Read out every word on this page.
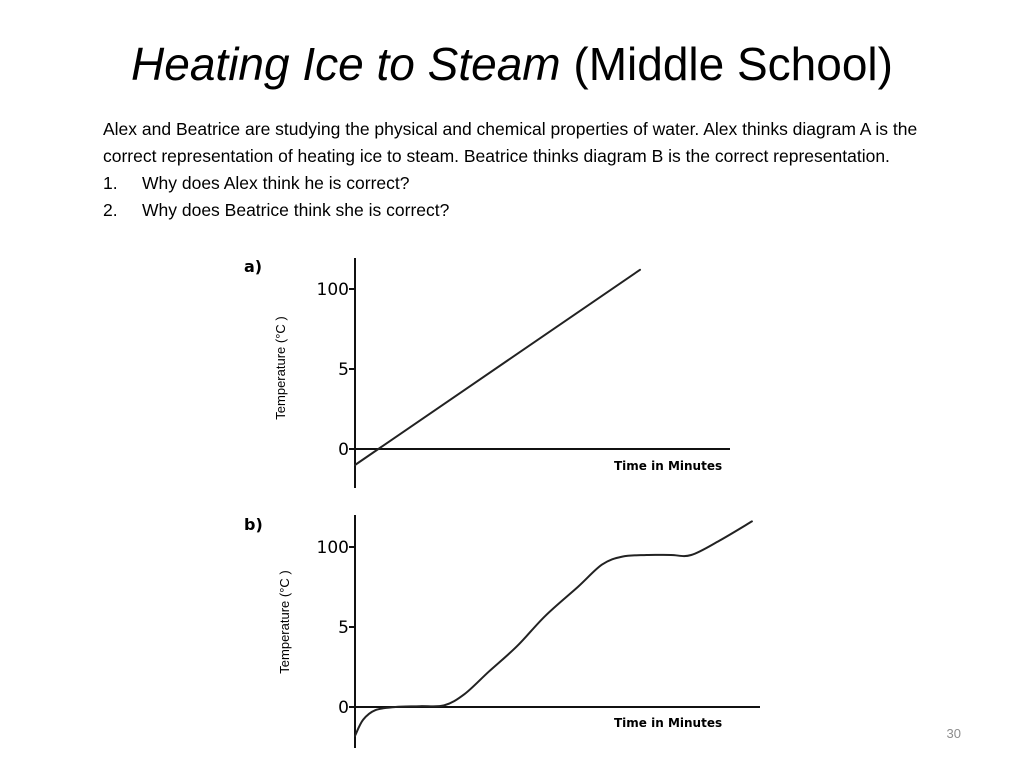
Heating Ice to Steam (Middle School)

Alex and Beatrice are studying the physical and chemical properties of water. Alex thinks diagram A is the correct representation of heating ice to steam. Beatrice thinks diagram B is the correct representation.

1.	Why does Alex think he is correct?
2.	Why does Beatrice think she is correct?
a)
0
5
100
Time in Minutes
Temperature (°C )
b)
0
5
100
Time in Minutes
Temperature (°C )
30
